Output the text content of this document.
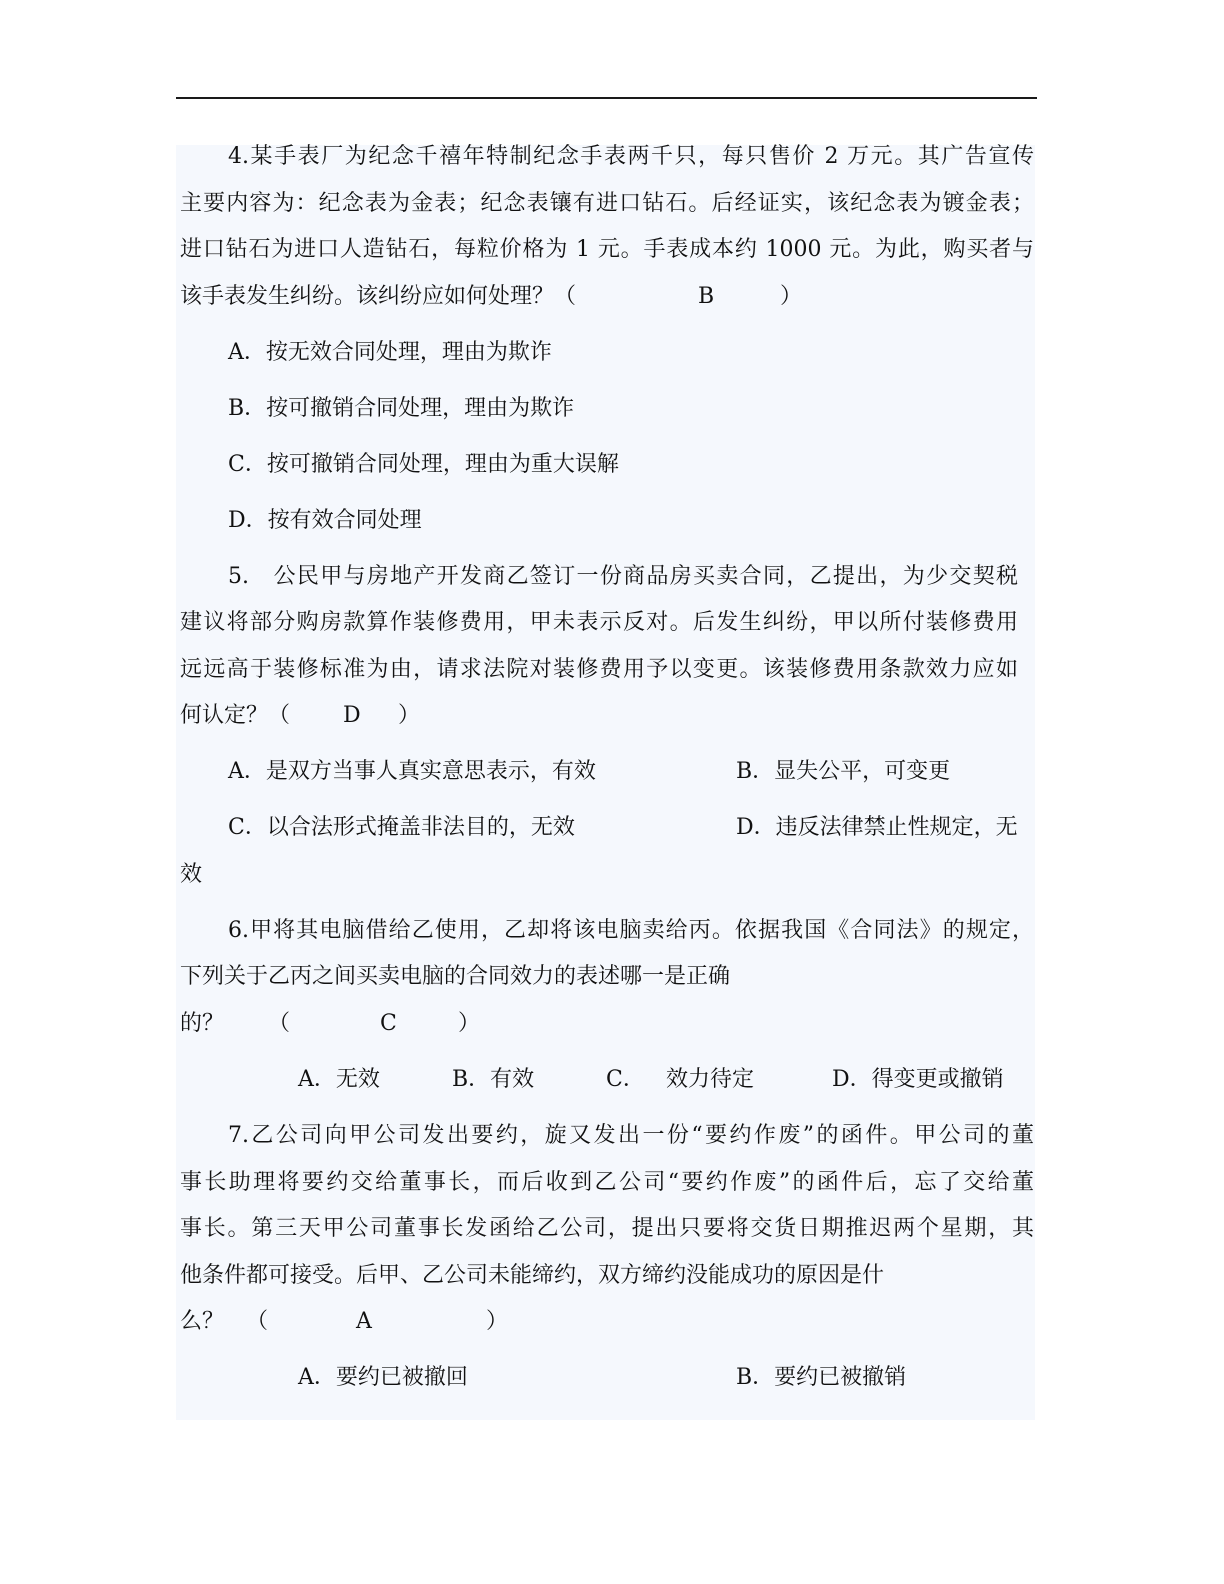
4.某手表厂为纪念千禧年特制纪念手表两千只，每只售价 2 万元。其广告宣传
主要内容为：纪念表为金表；纪念表镶有进口钻石。后经证实，该纪念表为镀金表；
进口钻石为进口人造钻石，每粒价格为 1 元。手表成本约 1000 元。为此，购买者与
该手表发生纠纷。该纠纷应如何处理？（	B	）
A．按无效合同处理，理由为欺诈
B．按可撤销合同处理，理由为欺诈
C．按可撤销合同处理，理由为重大误解
D．按有效合同处理
5.　公民甲与房地产开发商乙签订一份商品房买卖合同，乙提出，为少交契税
建议将部分购房款算作装修费用，甲未表示反对。后发生纠纷，甲以所付装修费用
远远高于装修标准为由，请求法院对装修费用予以变更。该装修费用条款效力应如
何认定？（ D ）
A．是双方当事人真实意思表示，有效	B．显失公平，可变更
C．以合法形式掩盖非法目的，无效	D．违反法律禁止性规定，无
效
6.甲将其电脑借给乙使用，乙却将该电脑卖给丙。依据我国《合同法》的规定，
下列关于乙丙之间买卖电脑的合同效力的表述哪一是正确
的？ （	C	）
A．无效	B．有效	C． 效力待定	D．得变更或撤销
7.乙公司向甲公司发出要约，旋又发出一份“要约作废”的函件。甲公司的董
事长助理将要约交给董事长，而后收到乙公司“要约作废”的函件后，忘了交给董
事长。第三天甲公司董事长发函给乙公司，提出只要将交货日期推迟两个星期，其
他条件都可接受。后甲、乙公司未能缔约，双方缔约没能成功的原因是什
么？ （	A	）
A．要约已被撤回	B．要约已被撤销
